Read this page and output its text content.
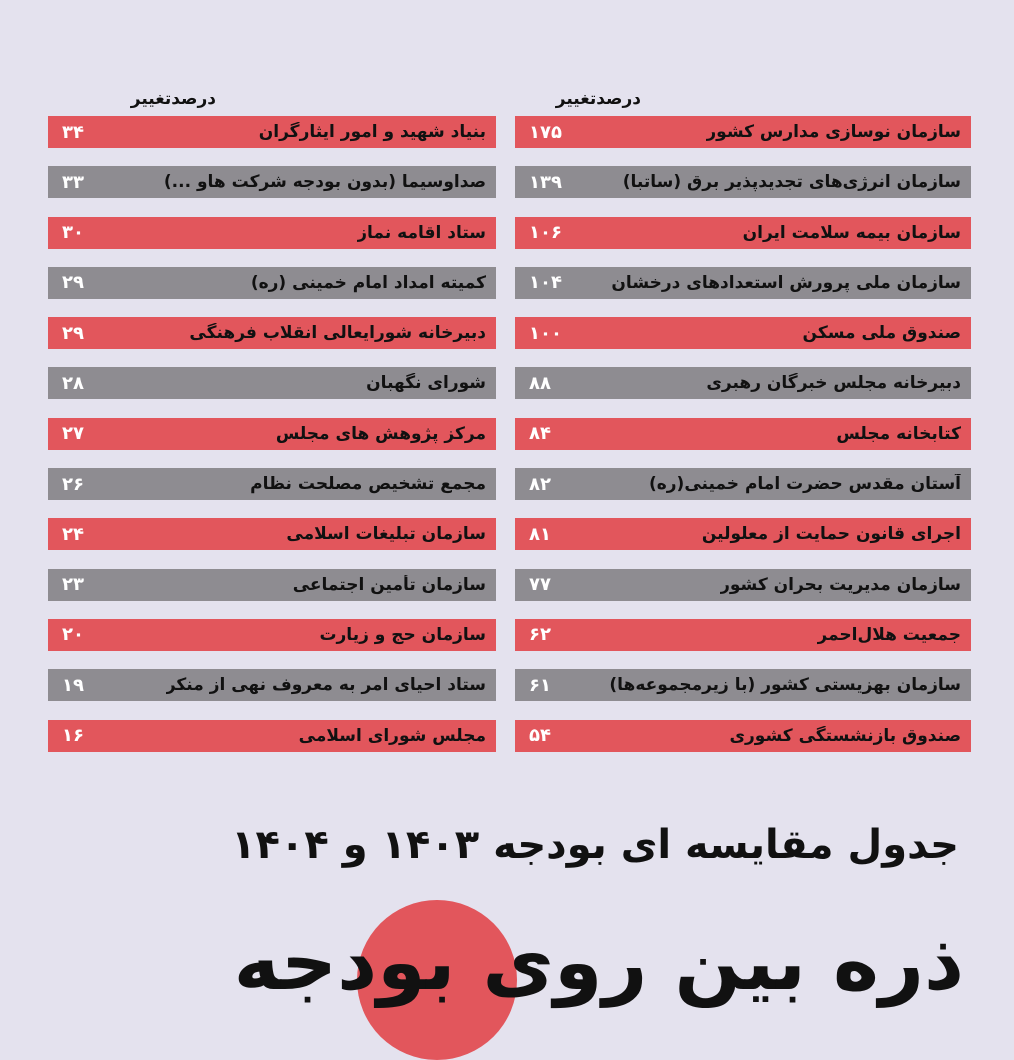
درصدتغییر
سازمان نوسازی مدارس کشور
۱۷۵
سازمان انرژی‌های تجدیدپذیر برق (ساتبا)
۱۳۹
سازمان بیمه سلامت ایران
۱۰۶
سازمان ملی پرورش استعدادهای درخشان
۱۰۴
صندوق ملی مسکن
۱۰۰
دبیرخانه مجلس خبرگان رهبری
۸۸
کتابخانه مجلس
۸۴
آستان مقدس حضرت امام خمینی(ره)
۸۲
اجرای قانون حمایت از معلولین
۸۱
سازمان مدیریت بحران کشور
۷۷
جمعیت هلال‌احمر
۶۲
سازمان بهزیستی کشور (با زیرمجموعه‌ها)
۶۱
صندوق بازنشستگی کشوری
۵۴
درصدتغییر
بنیاد شهید و امور ایثارگران
۳۴
صداوسیما (بدون بودجه شرکت هاو ...)
۳۳
ستاد اقامه نماز
۳۰
کمیته امداد امام خمینی (ره)
۲۹
دبیرخانه شورایعالی انقلاب فرهنگی
۲۹
شورای نگهبان
۲۸
مرکز پژوهش های مجلس
۲۷
مجمع تشخیص مصلحت نظام
۲۶
سازمان تبلیغات اسلامی
۲۴
سازمان تأمین اجتماعی
۲۳
سازمان حج و زیارت
۲۰
ستاد احیای امر به معروف نهی از منکر
۱۹
مجلس شورای اسلامی
۱۶
جدول مقایسه ای بودجه ۱۴۰۳ و ۱۴۰۴
ذره بین روی بودجه
